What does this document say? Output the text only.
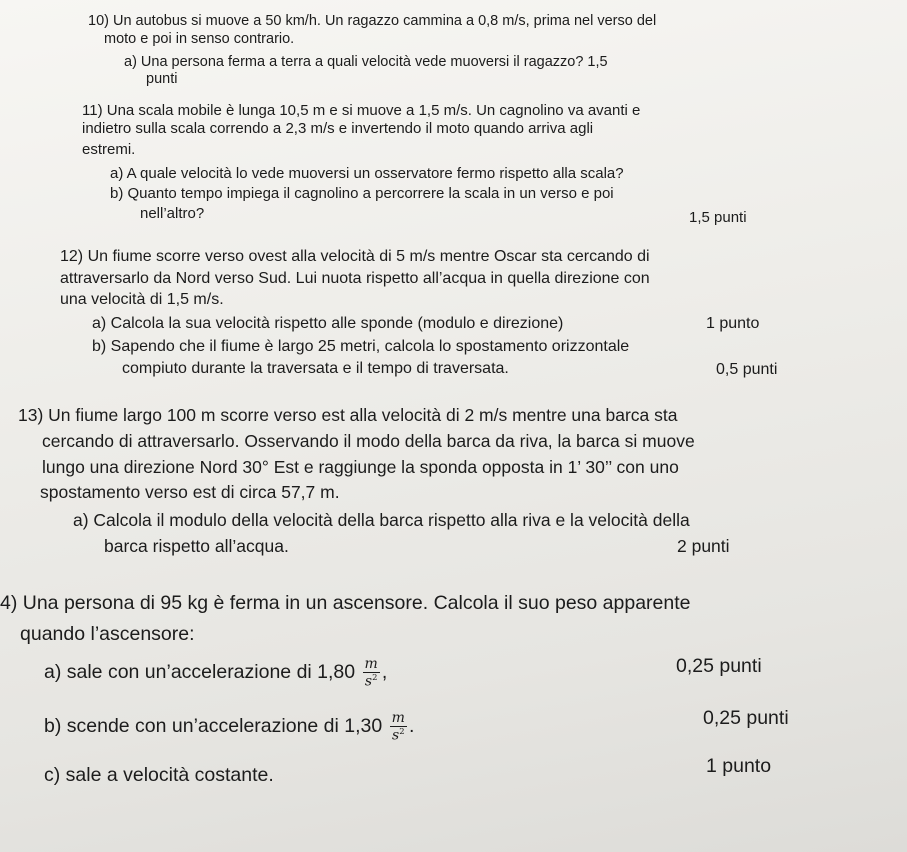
10) Un autobus si muove a 50 km/h. Un ragazzo cammina a 0,8 m/s, prima nel verso del
moto e poi in senso contrario.
a) Una persona ferma a terra a quali velocità vede muoversi il ragazzo? 1,5
punti
11) Una scala mobile è lunga 10,5 m e si muove a 1,5 m/s. Un cagnolino va avanti e
indietro sulla scala correndo a 2,3 m/s e invertendo il moto quando arriva agli
estremi.
a) A quale velocità lo vede muoversi un osservatore fermo rispetto alla scala?
b) Quanto tempo impiega il cagnolino a percorrere la scala in un verso e poi
nell’altro?	1,5 punti
12) Un fiume scorre verso ovest alla velocità di 5 m/s mentre Oscar sta cercando di
attraversarlo da Nord verso Sud. Lui nuota rispetto all’acqua in quella direzione con
una velocità di 1,5 m/s.
a) Calcola la sua velocità rispetto alle sponde (modulo e direzione)	1 punto
b) Sapendo che il fiume è largo 25 metri, calcola lo spostamento orizzontale
compiuto durante la traversata e il tempo di traversata.	0,5 punti
13) Un fiume largo 100 m scorre verso est alla velocità di 2 m/s mentre una barca sta
cercando di attraversarlo. Osservando il modo della barca da riva, la barca si muove
lungo una direzione Nord 30° Est e raggiunge la sponda opposta in 1’ 30’’ con uno
spostamento verso est di circa 57,7 m.
a) Calcola il modulo della velocità della barca rispetto alla riva e la velocità della
barca rispetto all’acqua.	2 punti
4) Una persona di 95 kg è ferma in un ascensore. Calcola il suo peso apparente
quando l’ascensore:
a) sale con un’accelerazione di $1,80 \frac{m}{s^2}$ ,	0,25 punti
b) scende con un’accelerazione di $1,30 \frac{m}{s^2}$ .	0,25 punti
c) sale a velocità costante.	1 punto
